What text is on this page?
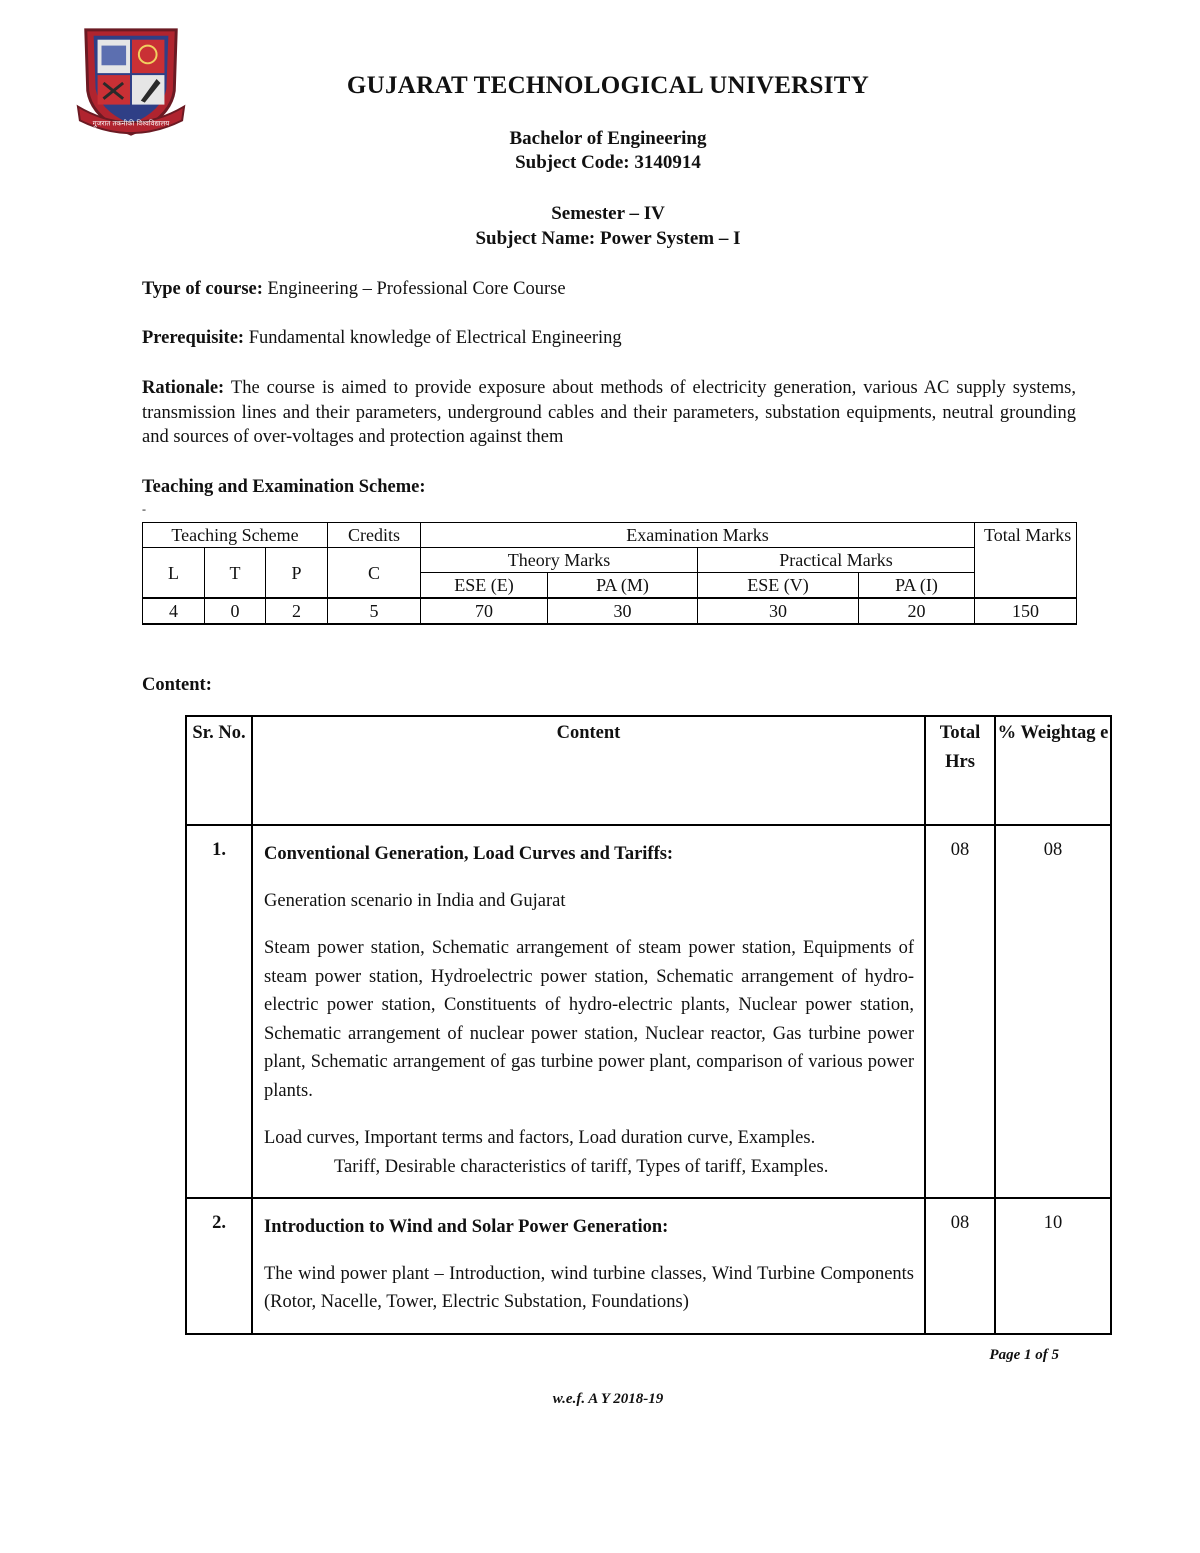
गुजरात तकनीकी विश्वविद्यालय
GUJARAT TECHNOLOGICAL UNIVERSITY
Bachelor of Engineering
Subject Code: 3140914
Semester – IV
Subject Name: Power System – I
Type of course: Engineering – Professional Core Course
Prerequisite: Fundamental knowledge of Electrical Engineering
Rationale: The course is aimed to provide exposure about methods of electricity generation, various AC supply systems, transmission lines and their parameters, underground cables and their parameters, substation equipments, neutral grounding and sources of over-voltages and protection against them
Teaching and Examination Scheme:
-
Teaching Scheme			Credits	Examination Marks				Total Marks
L	T	P	C	Theory Marks		Practical Marks		
				ESE (E)	PA (M)	ESE (V)	PA (I)	
4	0	2	5	70	30	30	20	150
Content:
Sr. No.	Content	Total Hrs	% Weightag e
1.	Conventional Generation, Load Curves and Tariffs:

Generation scenario in India and Gujarat

Steam power station, Schematic arrangement of steam power station, Equipments of steam power station, Hydroelectric power station, Schematic arrangement of hydro-electric power station, Constituents of hydro-electric plants, Nuclear power station, Schematic arrangement of nuclear power station, Nuclear reactor, Gas turbine power plant, Schematic arrangement of gas turbine power plant, comparison of various power plants.

Load curves, Important terms and factors, Load duration curve, Examples.

Tariff, Desirable characteristics of tariff, Types of tariff, Examples.	08	08
2.	Introduction to Wind and Solar Power Generation:

The wind power plant – Introduction, wind turbine classes, Wind Turbine Components (Rotor, Nacelle, Tower, Electric Substation, Foundations)	08	10
Page 1 of 5
w.e.f. A Y 2018-19
